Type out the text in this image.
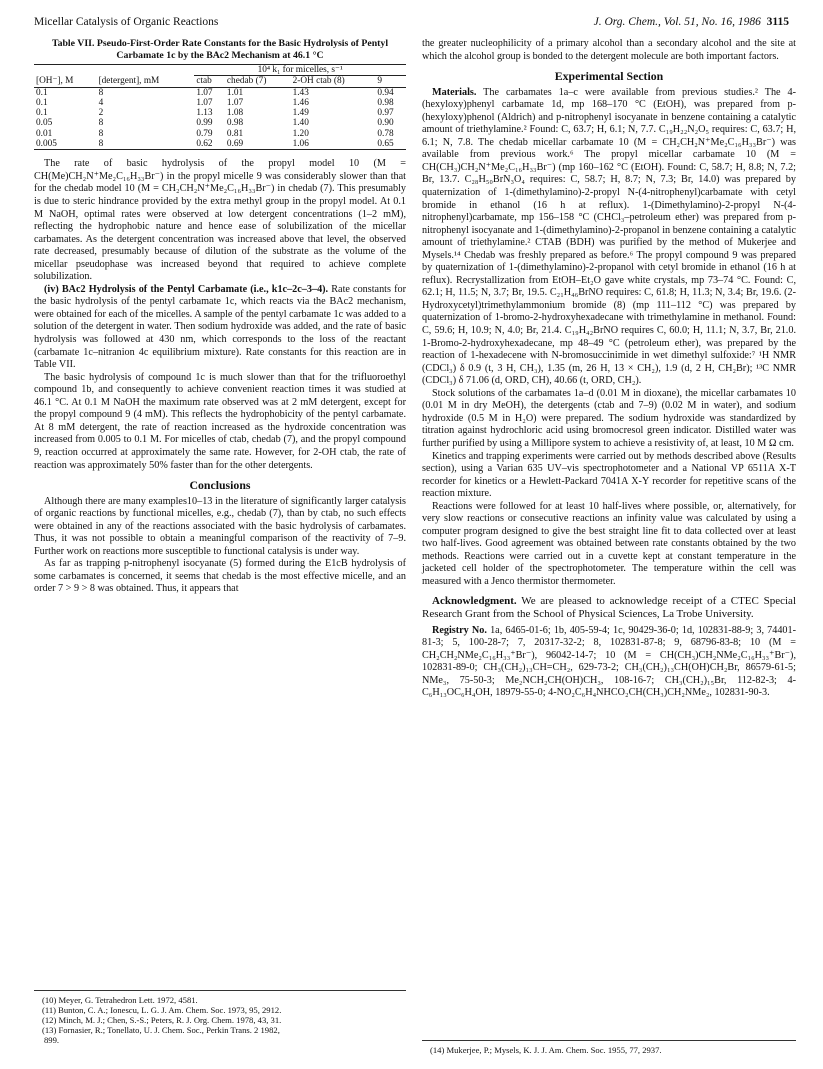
Micellar Catalysis of Organic Reactions	J. Org. Chem., Vol. 51, No. 16, 1986 3115
Table VII. Pseudo-First-Order Rate Constants for the Basic Hydrolysis of Pentyl Carbamate 1c by the BAc2 Mechanism at 46.1 °C
		10⁴ k₁ for micelles, s⁻¹			
[OH⁻], M	[detergent], mM	ctab	chedab (7)	2-OH ctab (8)	9
0.1	8	1.07	1.01	1.43	0.94
0.1	4	1.07	1.07	1.46	0.98
0.1	2	1.13	1.08	1.49	0.97
0.05	8	0.99	0.98	1.40	0.90
0.01	8	0.79	0.81	1.20	0.78
0.005	8	0.62	0.69	1.06	0.65

The rate of basic hydrolysis of the propyl model 10 (M = CH(Me)CH₂N⁺Me₂C₁₆H₃₃Br⁻) in the propyl micelle 9 was considerably slower than that for the chedab model 10 (M = CH₂CH₂N⁺Me₂C₁₆H₃₃Br⁻) in chedab (7). This presumably is due to steric hindrance provided by the extra methyl group in the propyl model. At 0.1 M NaOH, optimal rates were observed at low detergent concentrations (1–2 mM), reflecting the hydrophobic nature and hence ease of solubilization of the micellar carbamates. As the detergent concentration was increased above that level, the observed rate decreased, presumably because of dilution of the substrate as the volume of the micellar pseudophase was increased beyond that required to achieve complete solubilization.

(iv) BAc2 Hydrolysis of the Pentyl Carbamate (i.e., k1c–2c–3–4). Rate constants for the basic hydrolysis of the pentyl carbamate 1c, which reacts via the BAc2 mechanism, were obtained for each of the micelles. A sample of the pentyl carbamate 1c was added to a solution of the detergent in water. Then sodium hydroxide was added, and the rate of basic hydrolysis was followed at 430 nm, which corresponds to the loss of the reactant (carbamate 1c–nitranion 4c equilibrium mixture). Rate constants for this reaction are in Table VII.

The basic hydrolysis of compound 1c is much slower than that for the trifluoroethyl compound 1b, and consequently to achieve convenient reaction times it was studied at 46.1 °C. At 0.1 M NaOH the maximum rate observed was at 2 mM detergent, except for the propyl compound 9 (4 mM). This reflects the hydrophobicity of the pentyl carbamate. At 8 mM detergent, the rate of reaction increased as the hydroxide concentration was increased from 0.005 to 0.1 M. For micelles of ctab, chedab (7), and the propyl compound 9, reaction occurred at approximately the same rate. However, for 2-OH ctab, the rate of reaction was approximately 50% faster than for the other detergents.

Conclusions

Although there are many examples10–13 in the literature of significantly larger catalysis of organic reactions by functional micelles, e.g., chedab (7), than by ctab, no such effects were obtained in any of the reactions associated with the basic hydrolysis of carbamates. Thus, it was not possible to obtain a meaningful comparison of the reactivity of 7–9. Further work on reactions more susceptible to functional catalysis is under way.

As far as trapping p-nitrophenyl isocyanate (5) formed during the E1cB hydrolysis of some carbamates is concerned, it seems that chedab is the most effective micelle, and an order 7 > 9 > 8 was obtained. Thus, it appears that

(10) Meyer, G. Tetrahedron Lett. 1972, 4581.

(11) Bunton, C. A.; Ionescu, L. G. J. Am. Chem. Soc. 1973, 95, 2912.

(12) Minch, M. J.; Chen, S.-S.; Peters, R. J. Org. Chem. 1978, 43, 31.

(13) Fornasier, R.; Tonellato, U. J. Chem. Soc., Perkin Trans. 2 1982,

899.

the greater nucleophilicity of a primary alcohol than a secondary alcohol and the site at which the alcohol group is bonded to the detergent molecule are both important factors.

Experimental Section

Materials. The carbamates 1a–c were available from previous studies.² The 4-(hexyloxy)phenyl carbamate 1d, mp 168–170 °C (EtOH), was prepared from p-(hexyloxy)phenol (Aldrich) and p-nitrophenyl isocyanate in benzene containing a catalytic amount of triethylamine.² Found: C, 63.7; H, 6.1; N, 7.7. C₁₉H₂₂N₂O₅ requires: C, 63.7; H, 6.1; N, 7.8. The chedab micellar carbamate 10 (M = CH₂CH₂N⁺Me₂C₁₆H₃₃Br⁻) was available from previous work.⁶ The propyl micellar carbamate 10 (M = CH(CH₃)CH₂N⁺Me₂C₁₆H₃₃Br⁻) (mp 160–162 °C (EtOH). Found: C, 58.7; H, 8.8; N, 7.2; Br, 13.7. C₂₈H₅₀BrN₃O₄ requires: C, 58.7; H, 8.7; N, 7.3; Br, 14.0) was prepared by quaternization of 1-(dimethylamino)-2-propyl N-(4-nitrophenyl)carbamate with cetyl bromide in ethanol (16 h at reflux). 1-(Dimethylamino)-2-propyl N-(4-nitrophenyl)carbamate, mp 156–158 °C (CHCl₃–petroleum ether) was prepared from p-nitrophenyl isocyanate and 1-(dimethylamino)-2-propanol in benzene containing a catalytic amount of triethylamine.² CTAB (BDH) was purified by the method of Mukerjee and Mysels.¹⁴ Chedab was freshly prepared as before.⁶ The propyl compound 9 was prepared by quaternization of 1-(dimethylamino)-2-propanol with cetyl bromide in ethanol (16 h at reflux). Recrystallization from EtOH–Et₂O gave white crystals, mp 73–74 °C. Found: C, 62.1; H, 11.5; N, 3.7; Br, 19.5. C₂₁H₄₆BrNO requires: C, 61.8; H, 11.3; N, 3.4; Br, 19.6. (2-Hydroxycetyl)trimethylammonium bromide (8) (mp 111–112 °C) was prepared by quaternization of 1-bromo-2-hydroxyhexadecane with trimethylamine in methanol. Found: C, 59.6; H, 10.9; N, 4.0; Br, 21.4. C₁₉H₄₂BrNO requires C, 60.0; H, 11.1; N, 3.7, Br, 21.0. 1-Bromo-2-hydroxyhexadecane, mp 48–49 °C (petroleum ether), was prepared by the reaction of 1-hexadecene with N-bromosuccinimide in wet dimethyl sulfoxide:⁷ ¹H NMR (CDCl₃) δ 0.9 (t, 3 H, CH₃), 1.35 (m, 26 H, 13 × CH₂), 1.9 (d, 2 H, CH₂Br); ¹³C NMR (CDCl₃) δ 71.06 (d, ORD, CH), 40.66 (t, ORD, CH₂).

Stock solutions of the carbamates 1a–d (0.01 M in dioxane), the micellar carbamates 10 (0.01 M in dry MeOH), the detergents (ctab and 7–9) (0.02 M in water), and sodium hydroxide (0.5 M in H₂O) were prepared. The sodium hydroxide was standardized by titration against hydrochloric acid using bromocresol green indicator. Distilled water was further purified by using a Millipore system to achieve a resistivity of, at least, 10 M Ω cm.

Kinetics and trapping experiments were carried out by methods described above (Results section), using a Varian 635 UV–vis spectrophotometer and a National VP 6511A X-T recorder for kinetics or a Hewlett-Packard 7041A X-Y recorder for repetitive scans of the reaction mixture.

Reactions were followed for at least 10 half-lives where possible, or, alternatively, for very slow reactions or consecutive reactions an infinity value was calculated by using a computer program designed to give the best straight line fit to data collected over at least two half-lives. Good agreement was obtained between rate constants obtained by the two methods. Reactions were carried out in a cuvette kept at constant temperature in the jacketed cell holder of the spectrophotometer. The temperature within the cell was measured with a Jenco thermistor thermometer.

Acknowledgment. We are pleased to acknowledge receipt of a CTEC Special Research Grant from the School of Physical Sciences, La Trobe University.

Registry No. 1a, 6465-01-6; 1b, 405-59-4; 1c, 90429-36-0; 1d, 102831-88-9; 3, 74401-81-3; 5, 100-28-7; 7, 20317-32-2; 8, 102831-87-8; 9, 68796-83-8; 10 (M = CH₂CH₂NMe₂C₁₆H₃₃⁺Br⁻), 96042-14-7; 10 (M = CH(CH₃)CH₂NMe₂C₁₆H₃₃⁺Br⁻), 102831-89-0; CH₃(CH₂)₁₃CH=CH₂, 629-73-2; CH₃(CH₂)₁₃CH(OH)CH₂Br, 86579-61-5; NMe₃, 75-50-3; Me₂NCH₂CH(OH)CH₃, 108-16-7; CH₃(CH₂)₁₅Br, 112-82-3; 4-C₆H₁₃OC₆H₄OH, 18979-55-0; 4-NO₂C₆H₄NHCO₂CH(CH₃)CH₂NMe₂, 102831-90-3.

(14) Mukerjee, P.; Mysels, K. J. J. Am. Chem. Soc. 1955, 77, 2937.
